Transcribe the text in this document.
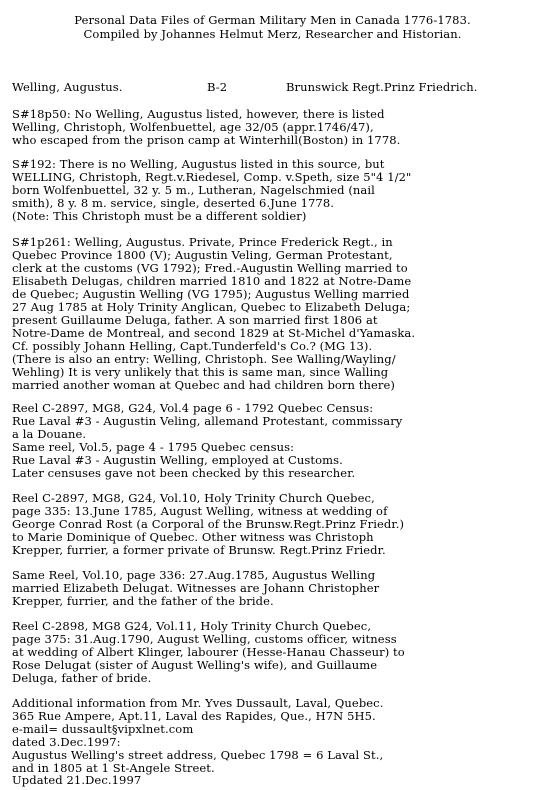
Personal Data Files of German Military Men in Canada 1776-1783.
Compiled by Johannes Helmut Merz, Researcher and Historian.

Welling, Augustus.

	B-2

	Brunswick Regt.Prinz Friedrich.

S#18p50: No Welling, Augustus listed, however, there is listed
Welling, Christoph, Wolfenbuettel, age 32/05 (appr.1746/47),
who escaped from the prison camp at Winterhill(Boston) in 1778.
S#192: There is no Welling, Augustus listed in this source, but
WELLING, Christoph, Regt.v.Riedesel, Comp. v.Speth, size 5"4 1/2"
born Wolfenbuettel, 32 y. 5 m., Lutheran, Nagelschmied (nail
smith), 8 y. 8 m. service, single, deserted 6.June 1778.
(Note: This Christoph must be a different soldier)
S#1p261: Welling, Augustus. Private, Prince Frederick Regt., in
Quebec Province 1800 (V); Augustin Veling, German Protestant,
clerk at the customs (VG 1792); Fred.-Augustin Welling married to
Elisabeth Delugas, children married 1810 and 1822 at Notre-Dame
de Quebec; Augustin Welling (VG 1795); Augustus Welling married
27 Aug 1785 at Holy Trinity Anglican, Quebec to Elizabeth Deluga;
present Guillaume Deluga, father. A son married first 1806 at
Notre-Dame de Montreal, and second 1829 at St-Michel d'Yamaska.
Cf. possibly Johann Helling, Capt.Tunderfeld's Co.? (MG 13).
(There is also an entry: Welling, Christoph. See Walling/Wayling/
Wehling) It is very unlikely that this is same man, since Walling
married another woman at Quebec and had children born there)
Reel C-2897, MG8, G24, Vol.4 page 6 - 1792 Quebec Census:
Rue Laval #3 - Augustin Veling, allemand Protestant, commissary
a la Douane.
Same reel, Vol.5, page 4 - 1795 Quebec census:
Rue Laval #3 - Augustin Welling, employed at Customs.
Later censuses gave not been checked by this researcher.
Reel C-2897, MG8, G24, Vol.10, Holy Trinity Church Quebec,
page 335: 13.June 1785, August Welling, witness at wedding of
George Conrad Rost (a Corporal of the Brunsw.Regt.Prinz Friedr.)
to Marie Dominique of Quebec. Other witness was Christoph
Krepper, furrier, a former private of Brunsw. Regt.Prinz Friedr.
Same Reel, Vol.10, page 336: 27.Aug.1785, Augustus Welling
married Elizabeth Delugat. Witnesses are Johann Christopher
Krepper, furrier, and the father of the bride.
Reel C-2898, MG8 G24, Vol.11, Holy Trinity Church Quebec,
page 375: 31.Aug.1790, August Welling, customs officer, witness
at wedding of Albert Klinger, labourer (Hesse-Hanau Chasseur) to
Rose Delugat (sister of August Welling's wife), and Guillaume
Deluga, father of bride.
Additional information from Mr. Yves Dussault, Laval, Quebec.
365 Rue Ampere, Apt.11, Laval des Rapides, Que., H7N 5H5.
e-mail= dussault§vipxlnet.com
dated 3.Dec.1997:
Augustus Welling's street address, Quebec 1798 = 6 Laval St.,
and in 1805 at 1 St-Angele Street.
Updated 21.Dec.1997
